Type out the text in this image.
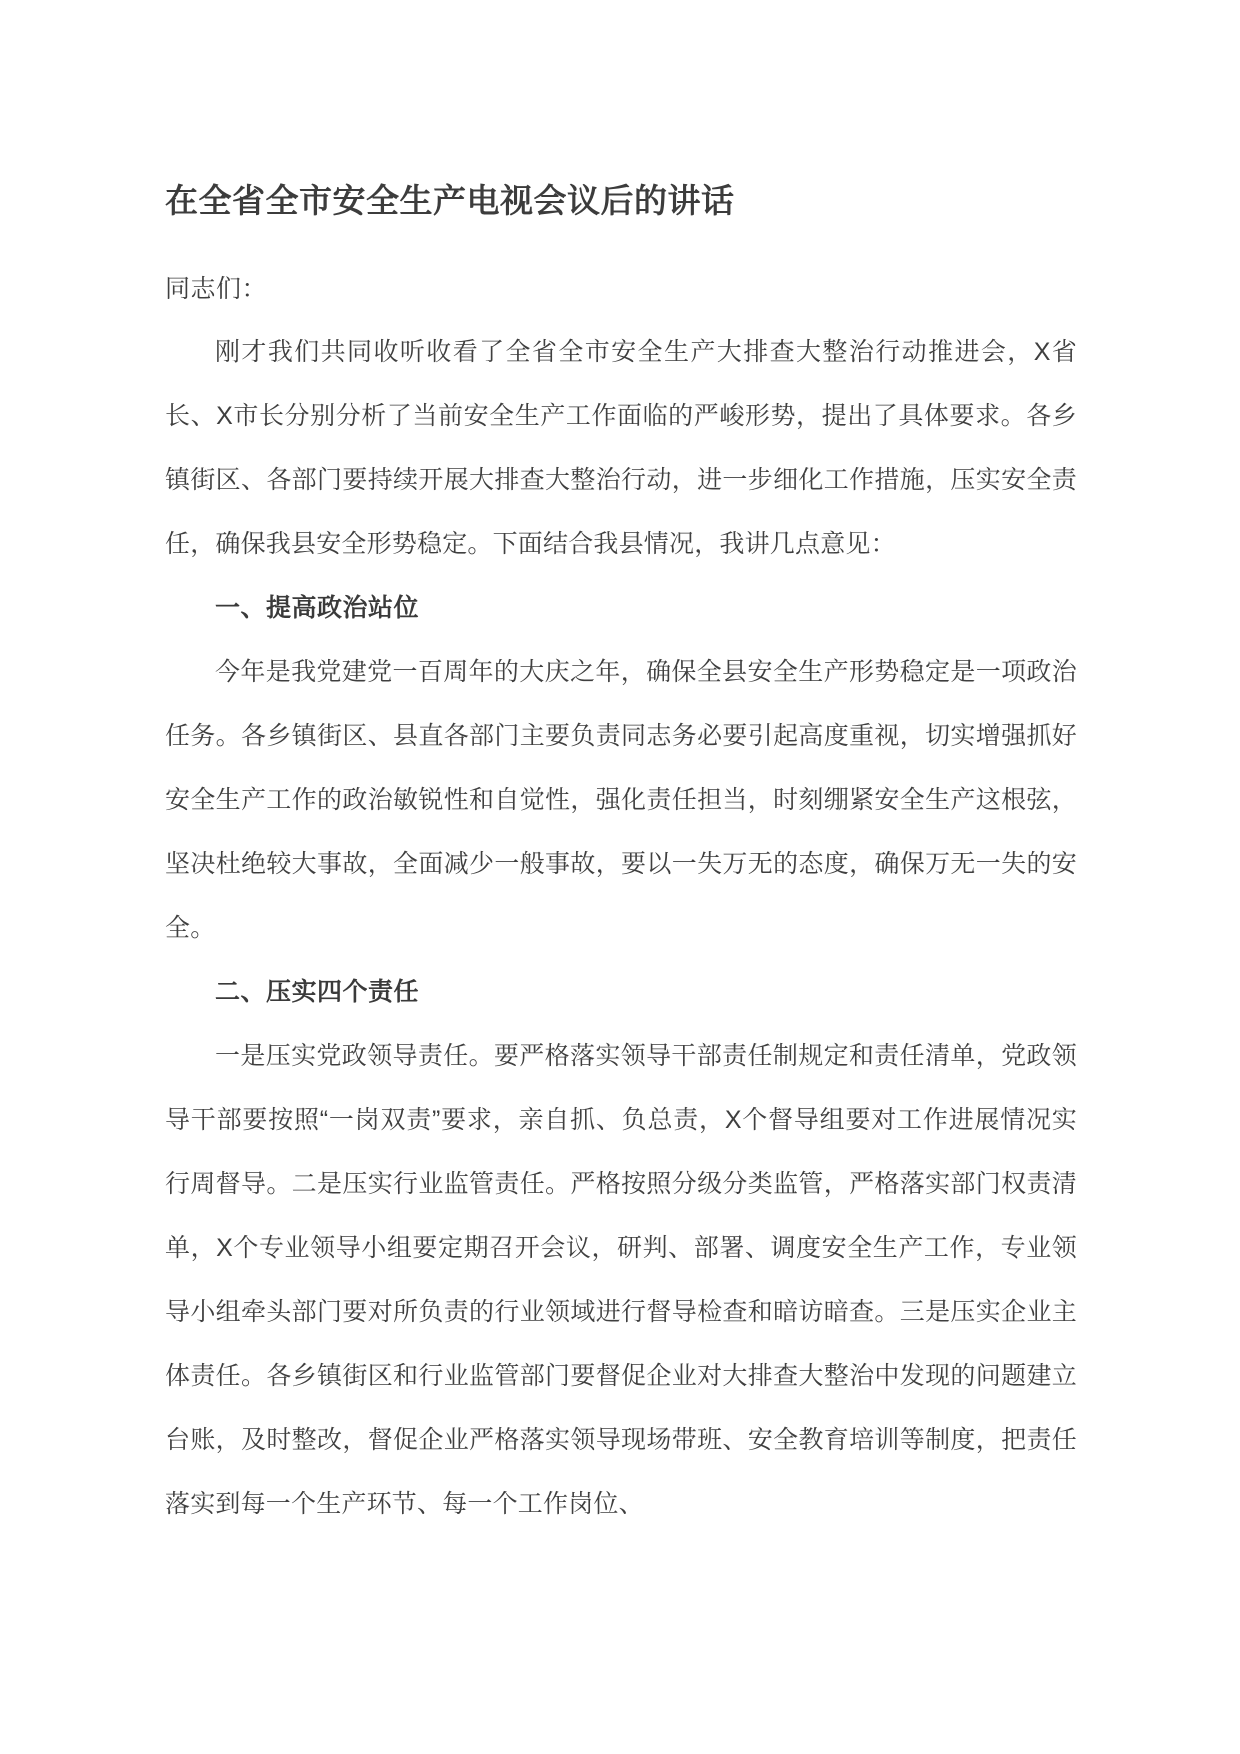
在全省全市安全生产电视会议后的讲话
同志们：

刚才我们共同收听收看了全省全市安全生产大排查大整治行动推进会，X省长、X市长分别分析了当前安全生产工作面临的严峻形势，提出了具体要求。各乡镇街区、各部门要持续开展大排查大整治行动，进一步细化工作措施，压实安全责任，确保我县安全形势稳定。下面结合我县情况，我讲几点意见：

一、提高政治站位

今年是我党建党一百周年的大庆之年，确保全县安全生产形势稳定是一项政治任务。各乡镇街区、县直各部门主要负责同志务必要引起高度重视，切实增强抓好安全生产工作的政治敏锐性和自觉性，强化责任担当，时刻绷紧安全生产这根弦，坚决杜绝较大事故，全面减少一般事故，要以一失万无的态度，确保万无一失的安全。

二、压实四个责任

一是压实党政领导责任。要严格落实领导干部责任制规定和责任清单，党政领导干部要按照“一岗双责”要求，亲自抓、负总责，X个督导组要对工作进展情况实行周督导。二是压实行业监管责任。严格按照分级分类监管，严格落实部门权责清单，X个专业领导小组要定期召开会议，研判、部署、调度安全生产工作，专业领导小组牵头部门要对所负责的行业领域进行督导检查和暗访暗查。三是压实企业主体责任。各乡镇街区和行业监管部门要督促企业对大排查大整治中发现的问题建立台账，及时整改，督促企业严格落实领导现场带班、安全教育培训等制度，把责任落实到每一个生产环节、每一个工作岗位、
